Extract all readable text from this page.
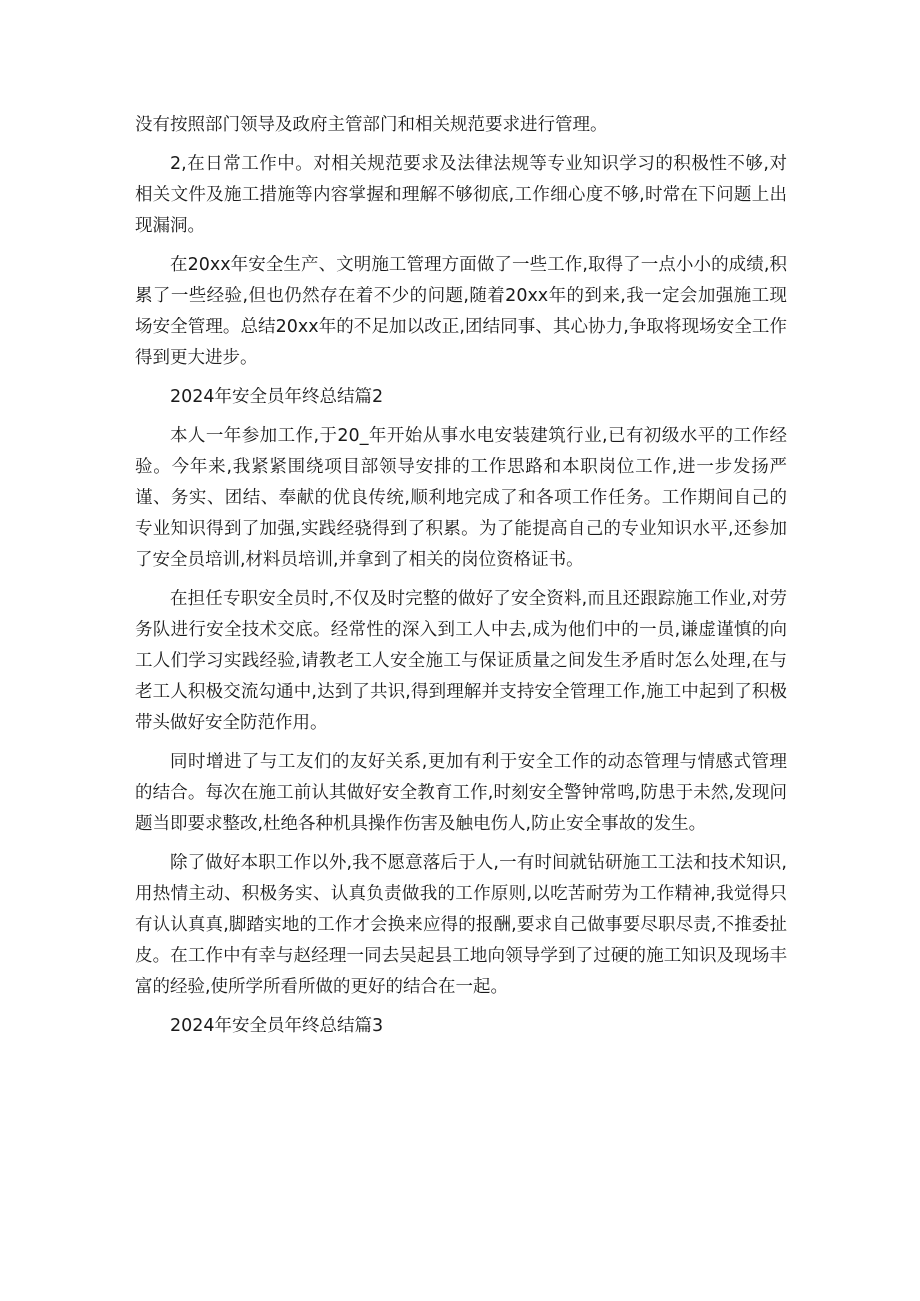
没有按照部门领导及政府主管部门和相关规范要求进行管理。

2,在日常工作中。对相关规范要求及法律法规等专业知识学习的积极性不够,对相关文件及施工措施等内容掌握和理解不够彻底,工作细心度不够,时常在下问题上出现漏洞。

在20xx年安全生产、文明施工管理方面做了一些工作,取得了一点小小的成绩,积累了一些经验,但也仍然存在着不少的问题,随着20xx年的到来,我一定会加强施工现场安全管理。总结20xx年的不足加以改正,团结同事、其心协力,争取将现场安全工作得到更大进步。

2024年安全员年终总结篇2

本人一年参加工作,于20_年开始从事水电安装建筑行业,已有初级水平的工作经验。今年来,我紧紧围绕项目部领导安排的工作思路和本职岗位工作,进一步发扬严谨、务实、团结、奉献的优良传统,顺利地完成了和各项工作任务。工作期间自己的专业知识得到了加强,实践经骁得到了积累。为了能提高自己的专业知识水平,还参加了安全员培训,材料员培训,并拿到了相关的岗位资格证书。

在担任专职安全员时,不仅及时完整的做好了安全资料,而且还跟踪施工作业,对劳务队进行安全技术交底。经常性的深入到工人中去,成为他们中的一员,谦虚谨慎的向工人们学习实践经验,请教老工人安全施工与保证质量之间发生矛盾时怎么处理,在与老工人积极交流勾通中,达到了共识,得到理解并支持安全管理工作,施工中起到了积极带头做好安全防范作用。

同时增进了与工友们的友好关系,更加有利于安全工作的动态管理与情感式管理的结合。每次在施工前认其做好安全教育工作,时刻安全警钟常鸣,防患于未然,发现问题当即要求整改,杜绝各种机具操作伤害及触电伤人,防止安全事故的发生。

除了做好本职工作以外,我不愿意落后于人,一有时间就钻研施工工法和技术知识,用热情主动、积极务实、认真负责做我的工作原则,以吃苦耐劳为工作精神,我觉得只有认认真真,脚踏实地的工作才会换来应得的报酬,要求自己做事要尽职尽责,不推委扯皮。在工作中有幸与赵经理一同去吴起县工地向领导学到了过硬的施工知识及现场丰富的经验,使所学所看所做的更好的结合在一起。

2024年安全员年终总结篇3
